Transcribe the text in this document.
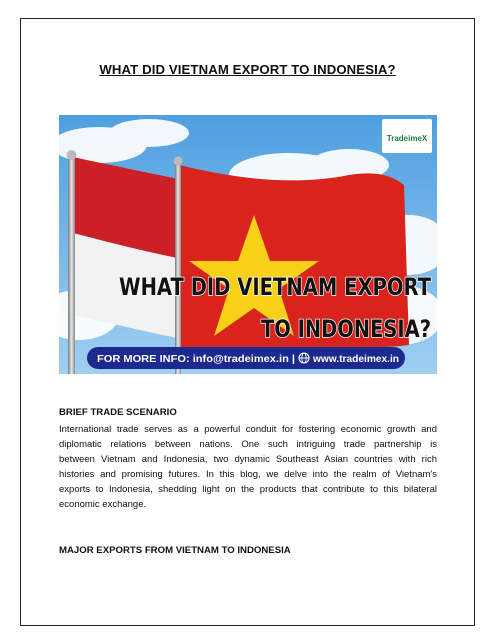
WHAT DID VIETNAM EXPORT TO INDONESIA?
TradeimeX
WHAT DID VIETNAM EXPORT
TO INDONESIA?
FOR MORE INFO: info@tradeimex.in | www.tradeimex.in
BRIEF TRADE SCENARIO
International trade serves as a powerful conduit for fostering economic growth and
diplomatic relations between nations. One such intriguing trade partnership is
between Vietnam and Indonesia, two dynamic Southeast Asian countries with rich
histories and promising futures. In this blog, we delve into the realm of Vietnam's
exports to Indonesia, shedding light on the products that contribute to this bilateral
economic exchange.
MAJOR EXPORTS FROM VIETNAM TO INDONESIA
